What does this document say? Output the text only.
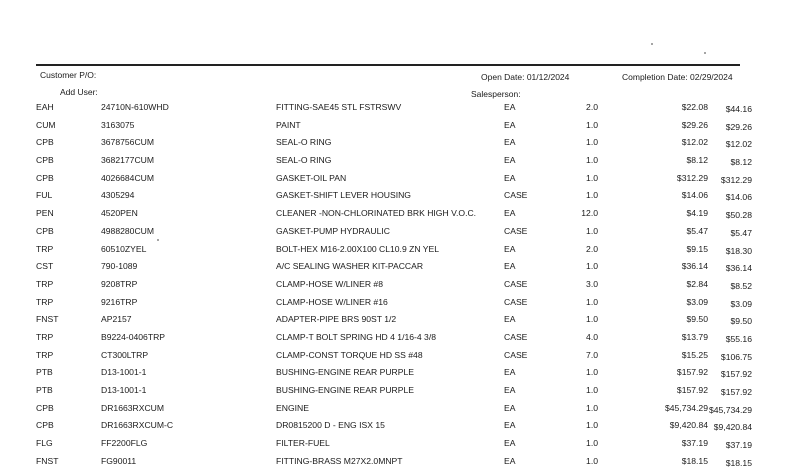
Customer P/O:
Add User:
Open Date: 01/12/2024
Salesperson:
Completion Date: 02/29/2024
EAH	24710N-610WHD	FITTING-SAE45 STL FSTRSWV	EA	2.0	$22.08	$44.16
CUM	3163075	PAINT	EA	1.0	$29.26	$29.26
CPB	3678756CUM	SEAL-O RING	EA	1.0	$12.02	$12.02
CPB	3682177CUM	SEAL-O RING	EA	1.0	$8.12	$8.12
CPB	4026684CUM	GASKET-OIL PAN	EA	1.0	$312.29	$312.29
FUL	4305294	GASKET-SHIFT LEVER HOUSING	CASE	1.0	$14.06	$14.06
PEN	4520PEN	CLEANER -NON-CHLORINATED BRK HIGH V.O.C.	EA	12.0	$4.19	$50.28
CPB	4988280CUM	GASKET-PUMP HYDRAULIC	CASE	1.0	$5.47	$5.47
TRP	60510ZYEL	BOLT-HEX M16-2.00X100 CL10.9 ZN YEL	EA	2.0	$9.15	$18.30
CST	790-1089	A/C SEALING WASHER KIT-PACCAR	EA	1.0	$36.14	$36.14
TRP	9208TRP	CLAMP-HOSE W/LINER #8	CASE	3.0	$2.84	$8.52
TRP	9216TRP	CLAMP-HOSE W/LINER #16	CASE	1.0	$3.09	$3.09
FNST	AP2157	ADAPTER-PIPE BRS 90ST 1/2	EA	1.0	$9.50	$9.50
TRP	B9224-0406TRP	CLAMP-T BOLT SPRING HD 4 1/16-4 3/8	CASE	4.0	$13.79	$55.16
TRP	CT300LTRP	CLAMP-CONST TORQUE HD SS #48	CASE	7.0	$15.25	$106.75
PTB	D13-1001-1	BUSHING-ENGINE REAR PURPLE	EA	1.0	$157.92	$157.92
PTB	D13-1001-1	BUSHING-ENGINE REAR PURPLE	EA	1.0	$157.92	$157.92
CPB	DR1663RXCUM	ENGINE	EA	1.0	$45,734.29 $45,734.29
CPB	DR1663RXCUM-C	DR0815200 D - ENG ISX 15	EA	1.0	$9,420.84 $9,420.84
FLG	FF2200FLG	FILTER-FUEL	EA	1.0	$37.19	$37.19
FNST	FG90011	FITTING-BRASS M27X2.0MNPT	EA	1.0	$18.15	$18.15
